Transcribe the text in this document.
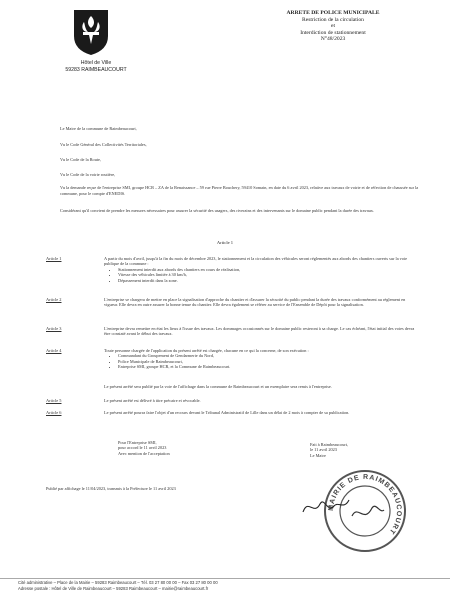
Hôtel de Ville
59283 RAIMBEAUCOURT
ARRETE DE POLICE MUNICIPALE
Restriction de la circulation
et
Interdiction de stationnement
N°48/2023
Le Maire de la commune de Raimbeaucourt,
Vu le Code Général des Collectivités Territoriales,
Vu le Code de la Route,
Vu le Code de la voirie routière,
Vu la demande reçue de l'entreprise SMI, groupe HCR – ZA de la Renaissance – 59 rue Pierre Bouchery, 59410 Somain, en date du 6 avril 2023, relative aux travaux de voirie et de réfection de chaussée sur la commune, pour le compte d'ENEDIS.
Considérant qu'il convient de prendre les mesures nécessaires pour assurer la sécurité des usagers, des riverains et des intervenants sur le domaine public pendant la durée des travaux.
Article 1
Article 1	A partir du mois d'avril, jusqu'à la fin du mois de décembre 2023, le stationnement et la circulation des véhicules seront réglementés aux abords des chantiers ouverts sur la voie publique de la commune :
• Stationnement interdit aux abords des chantiers en cours de réalisation,
• Vitesse des véhicules limitée à 30 km/h,
• Dépassement interdit dans la zone.
Article 2	L'entreprise se chargera de mettre en place la signalisation d'approche du chantier et d'assurer la sécurité du public pendant la durée des travaux conformément au règlement en vigueur. Elle devra en outre assurer la bonne tenue du chantier. Elle devra également se référer au service de l'Ensemble de Dépôt pour la signalisation.
Article 3	L'entreprise devra remettre en état les lieux à l'issue des travaux. Les dommages occasionnés sur le domaine public resteront à sa charge. Le cas échéant, l'état initial des voies devra être constaté avant le début des travaux.
Article 4	Toute personne chargée de l'application du présent arrêté est chargée, chacune en ce qui la concerne, de son exécution :
• Commandant du Groupement de Gendarmerie du Nord,
• Police Municipale de Raimbeaucourt,
• Entreprise SMI, groupe HCR, et la Commune de Raimbeaucourt.
Le présent arrêté sera publié par la voie de l'affichage dans la commune de Raimbeaucourt et un exemplaire sera remis à l'entreprise.
Article 5	Le présent arrêté est délivré à titre précaire et révocable.
Article 6	Le présent arrêté pourra faire l'objet d'un recours devant le Tribunal Administratif de Lille dans un délai de 2 mois à compter de sa publication.
Pour l'Entreprise SMI,
pour accord le 11 avril 2023
Avec mention de l'acceptation
Fait à Raimbeaucourt,
le 11 avril 2023
Le Maire
MAIRIE DE RAIMBEAUCOURT
Publié par affichage le 11/04/2023, transmis à la Préfecture le 11 avril 2023
Cité administrative – Place de la Mairie – 59283 Raimbeaucourt – Tél. 03 27 80 00 00 – Fax 03 27 80 00 00
Adresse postale : Hôtel de Ville de Raimbeaucourt – 59283 Raimbeaucourt – mairie@raimbeaucourt.fr
